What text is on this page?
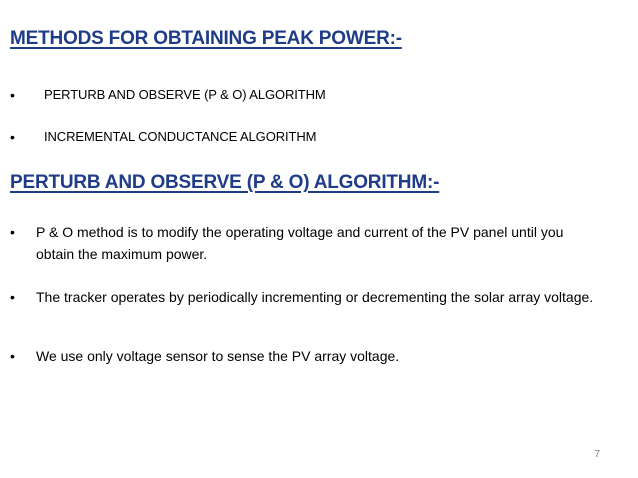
METHODS FOR OBTAINING PEAK POWER:-
•	PERTURB AND OBSERVE (P & O) ALGORITHM
•	INCREMENTAL CONDUCTANCE ALGORITHM
PERTURB AND OBSERVE (P & O) ALGORITHM:-
•	P & O method is to modify the operating voltage and current of the PV panel until you obtain the maximum power.
•	The tracker operates by periodically incrementing or decrementing the solar array voltage.
•	We use only voltage sensor to sense the PV array voltage.
7
